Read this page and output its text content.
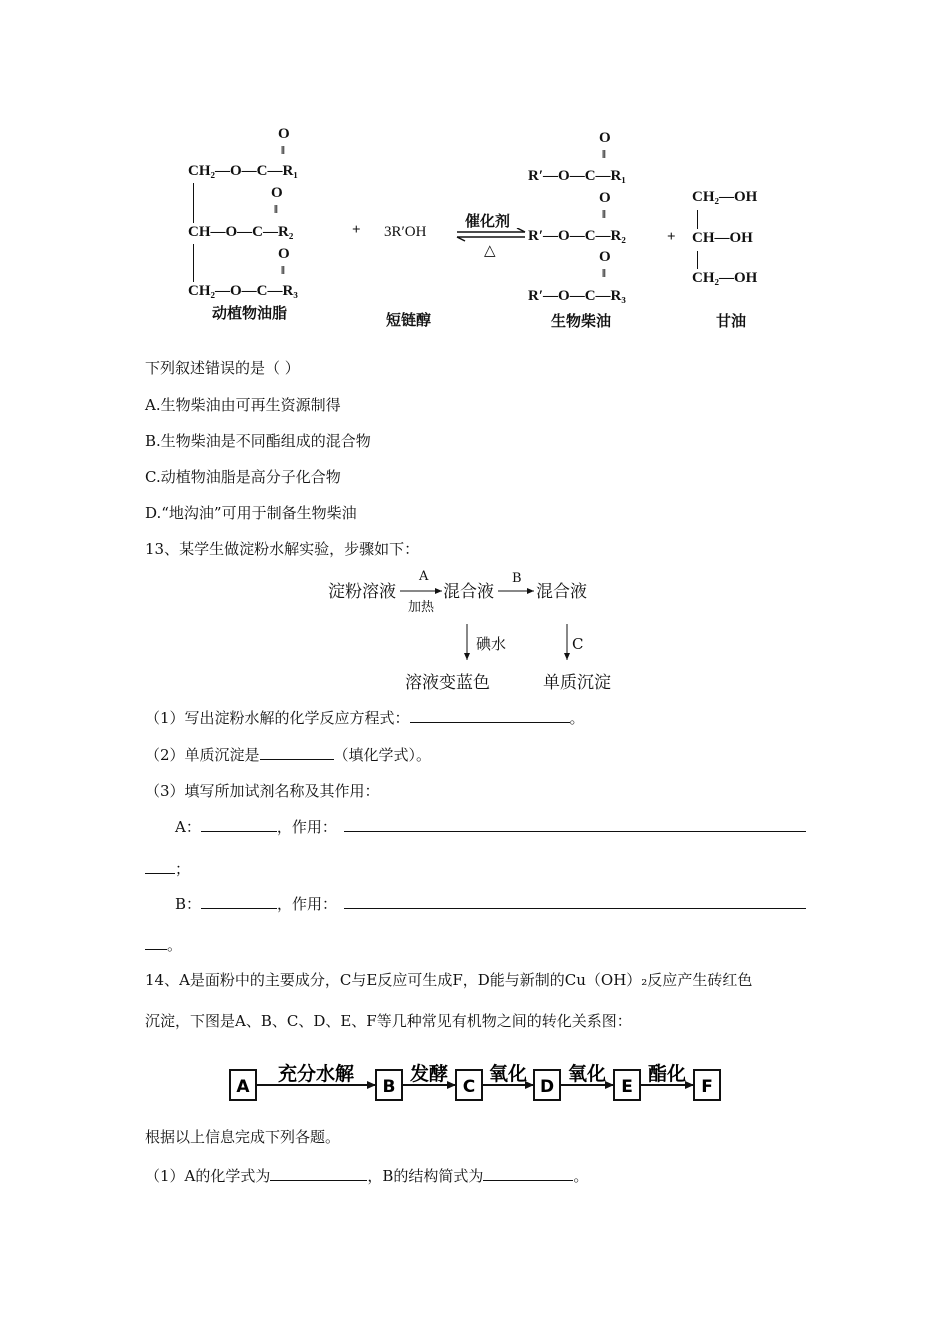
O
‖
CH₂—O—C—R₁
O
‖
CH—O—C—R₂
O
‖
CH₂—O—C—R₃
动植物油脂
+ 3R′OH
短链醇
催化剂
△
O
‖
R′—O—C—R₁
O
‖
R′—O—C—R₂
O
‖
R′—O—C—R₃
生物柴油
+
CH₂—OH
CH—OH
CH₂—OH
甘油
下列叙述错误的是（ ）
A.生物柴油由可再生资源制得
B.生物柴油是不同酯组成的混合物
C.动植物油脂是高分子化合物
D.“地沟油”可用于制备生物柴油
13、某学生做淀粉水解实验，步骤如下：
淀粉溶液
A
加热
混合液
B
混合液
碘水	C
溶液变蓝色	单质沉淀
（1）写出淀粉水解的化学反应方程式：	。
（2）单质沉淀是	（填化学式）。
（3）填写所加试剂名称及其作用：
A：	，作用：
；
B：	，作用：
。
14、A是面粉中的主要成分，C与E反应可生成F，D能与新制的Cu（OH）₂反应产生砖红色
沉淀，下图是A、B、C、D、E、F等几种常见有机物之间的转化关系图：
A	B	C	D	E	F
充分水解	发酵 氧化 氧化 酯化
根据以上信息完成下列各题。
（1）A的化学式为	，B的结构简式为	。
